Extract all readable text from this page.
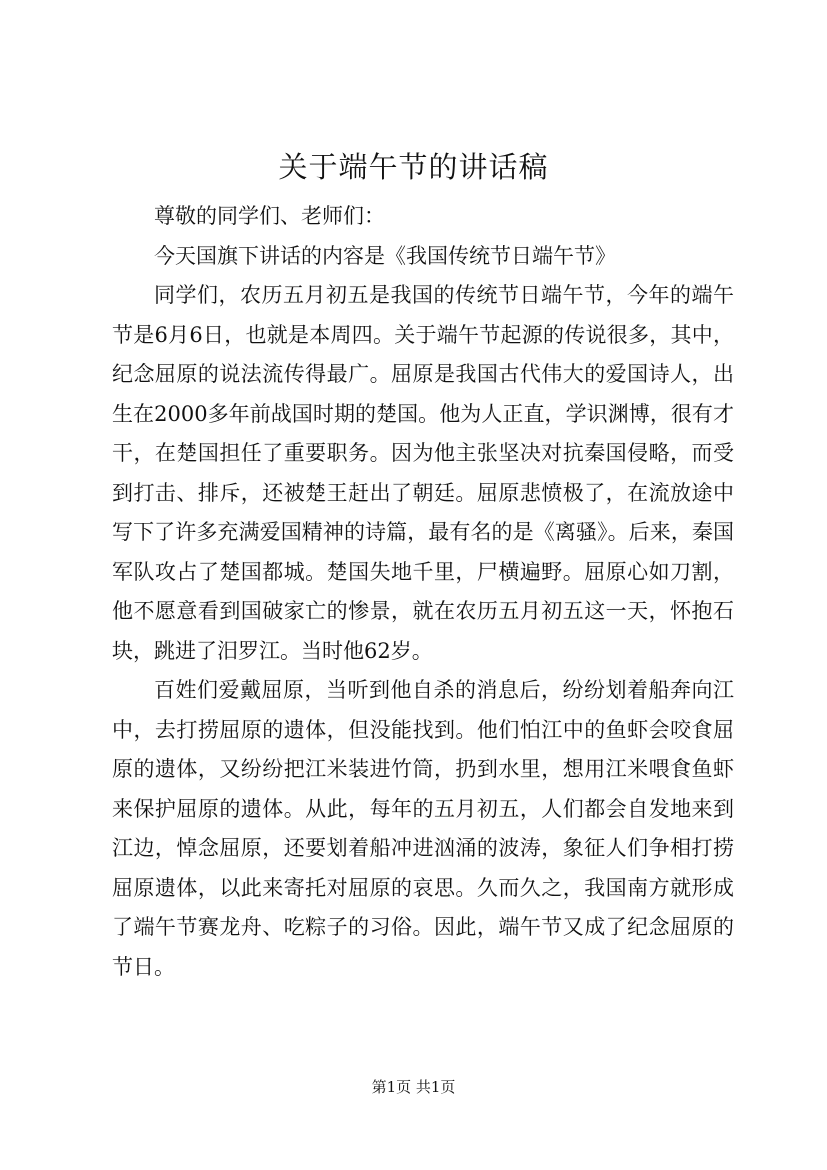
关于端午节的讲话稿

尊敬的同学们、老师们：

今天国旗下讲话的内容是《我国传统节日端午节》

同学们，农历五月初五是我国的传统节日端午节，今年的端午节是6月6日，也就是本周四。关于端午节起源的传说很多，其中，纪念屈原的说法流传得最广。屈原是我国古代伟大的爱国诗人，出生在2000多年前战国时期的楚国。他为人正直，学识渊博，很有才干，在楚国担任了重要职务。因为他主张坚决对抗秦国侵略，而受到打击、排斥，还被楚王赶出了朝廷。屈原悲愤极了，在流放途中写下了许多充满爱国精神的诗篇，最有名的是《离骚》。后来，秦国军队攻占了楚国都城。楚国失地千里，尸横遍野。屈原心如刀割，他不愿意看到国破家亡的惨景，就在农历五月初五这一天，怀抱石块，跳进了汨罗江。当时他62岁。

百姓们爱戴屈原，当听到他自杀的消息后，纷纷划着船奔向江中，去打捞屈原的遗体，但没能找到。他们怕江中的鱼虾会咬食屈原的遗体，又纷纷把江米装进竹筒，扔到水里，想用江米喂食鱼虾来保护屈原的遗体。从此，每年的五月初五，人们都会自发地来到江边，悼念屈原，还要划着船冲进汹涌的波涛，象征人们争相打捞屈原遗体，以此来寄托对屈原的哀思。久而久之，我国南方就形成了端午节赛龙舟、吃粽子的习俗。因此，端午节又成了纪念屈原的节日。

第1页 共1页
